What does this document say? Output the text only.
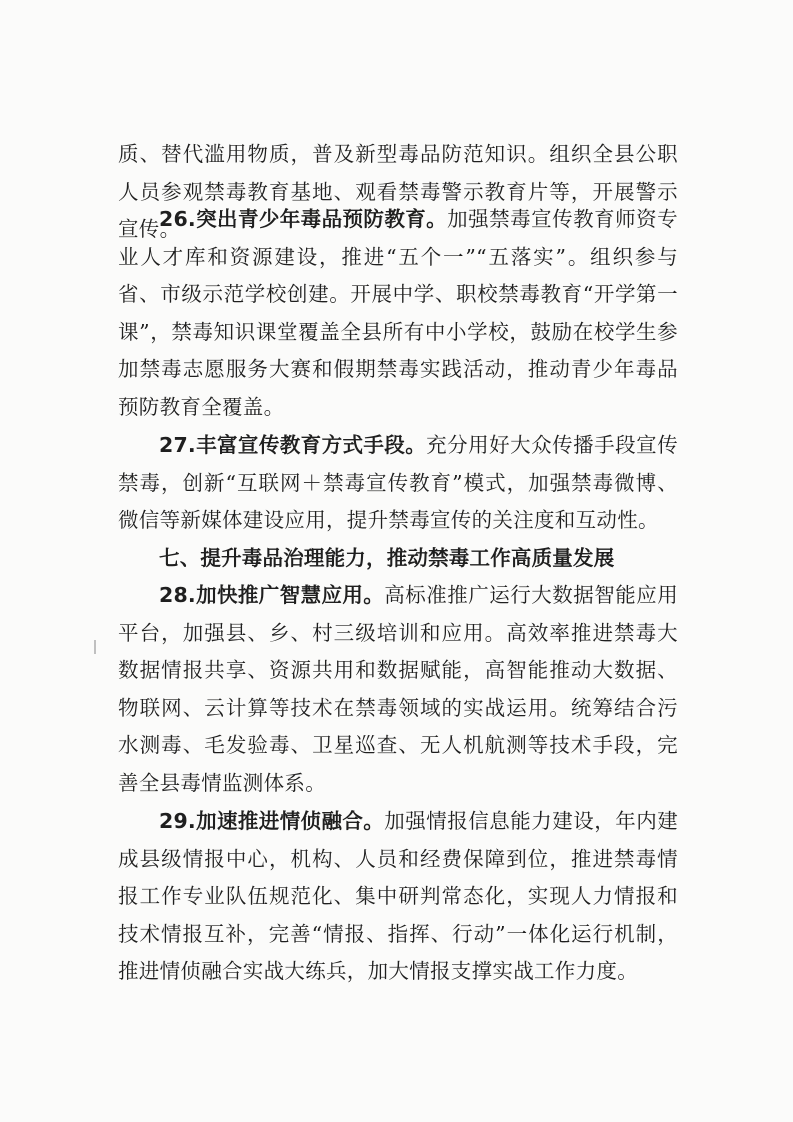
质、替代滥用物质，普及新型毒品防范知识。组织全县公职人员参观禁毒教育基地、观看禁毒警示教育片等，开展警示宣传。

26.突出青少年毒品预防教育。加强禁毒宣传教育师资专业人才库和资源建设，推进“五个一”“五落实”。组织参与省、市级示范学校创建。开展中学、职校禁毒教育“开学第一课”，禁毒知识课堂覆盖全县所有中小学校，鼓励在校学生参加禁毒志愿服务大赛和假期禁毒实践活动，推动青少年毒品预防教育全覆盖。

27.丰富宣传教育方式手段。充分用好大众传播手段宣传禁毒，创新“互联网＋禁毒宣传教育”模式，加强禁毒微博、微信等新媒体建设应用，提升禁毒宣传的关注度和互动性。

七、提升毒品治理能力，推动禁毒工作高质量发展

28.加快推广智慧应用。高标准推广运行大数据智能应用平台，加强县、乡、村三级培训和应用。高效率推进禁毒大数据情报共享、资源共用和数据赋能，高智能推动大数据、物联网、云计算等技术在禁毒领域的实战运用。统筹结合污水测毒、毛发验毒、卫星巡查、无人机航测等技术手段，完善全县毒情监测体系。

29.加速推进情侦融合。加强情报信息能力建设，年内建成县级情报中心，机构、人员和经费保障到位，推进禁毒情报工作专业队伍规范化、集中研判常态化，实现人力情报和技术情报互补，完善“情报、指挥、行动”一体化运行机制，推进情侦融合实战大练兵，加大情报支撑实战工作力度。
